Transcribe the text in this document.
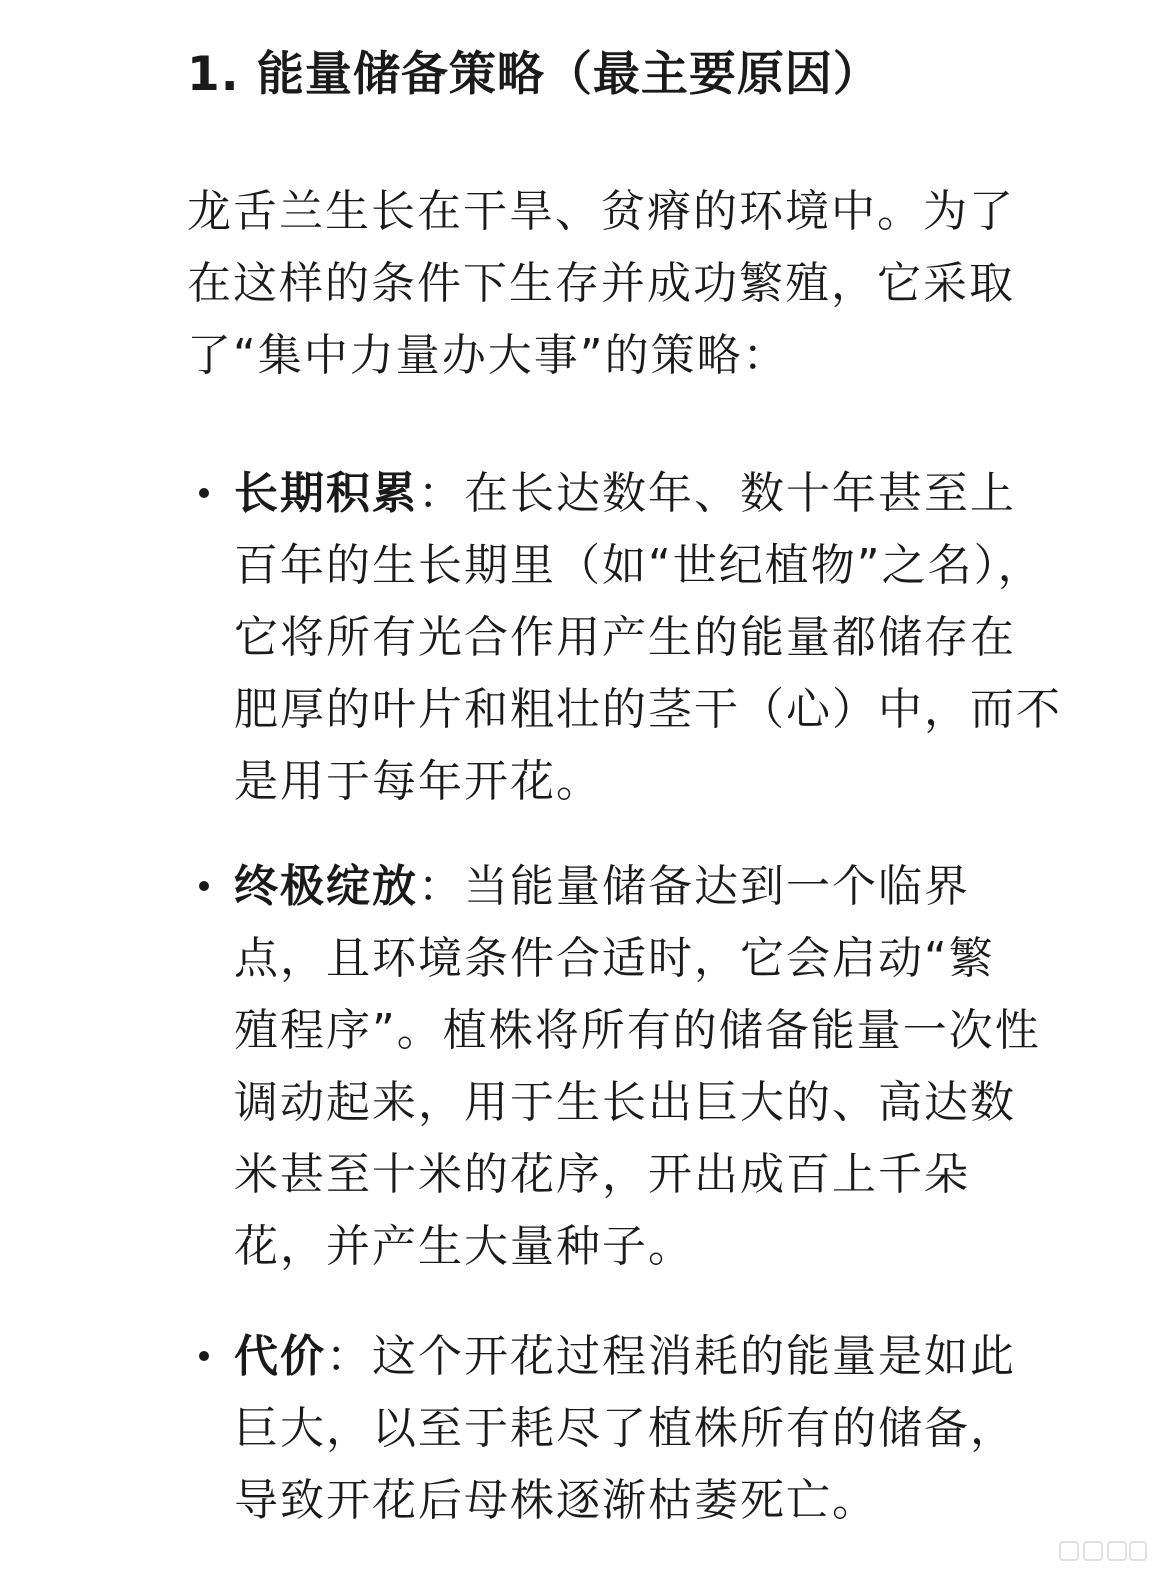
1. 能量储备策略（最主要原因）

龙舌兰生长在干旱、贫瘠的环境中。为了
在这样的条件下生存并成功繁殖，它采取
了“集中力量办大事”的策略：

长期积累：在长达数年、数十年甚至上
百年的生长期里（如“世纪植物”之名），
它将所有光合作用产生的能量都储存在
肥厚的叶片和粗壮的茎干（心）中，而不
是用于每年开花。
终极绽放：当能量储备达到一个临界
点，且环境条件合适时，它会启动“繁
殖程序”。植株将所有的储备能量一次性
调动起来，用于生长出巨大的、高达数
米甚至十米的花序，开出成百上千朵
花，并产生大量种子。
代价：这个开花过程消耗的能量是如此
巨大，以至于耗尽了植株所有的储备，
导致开花后母株逐渐枯萎死亡。
